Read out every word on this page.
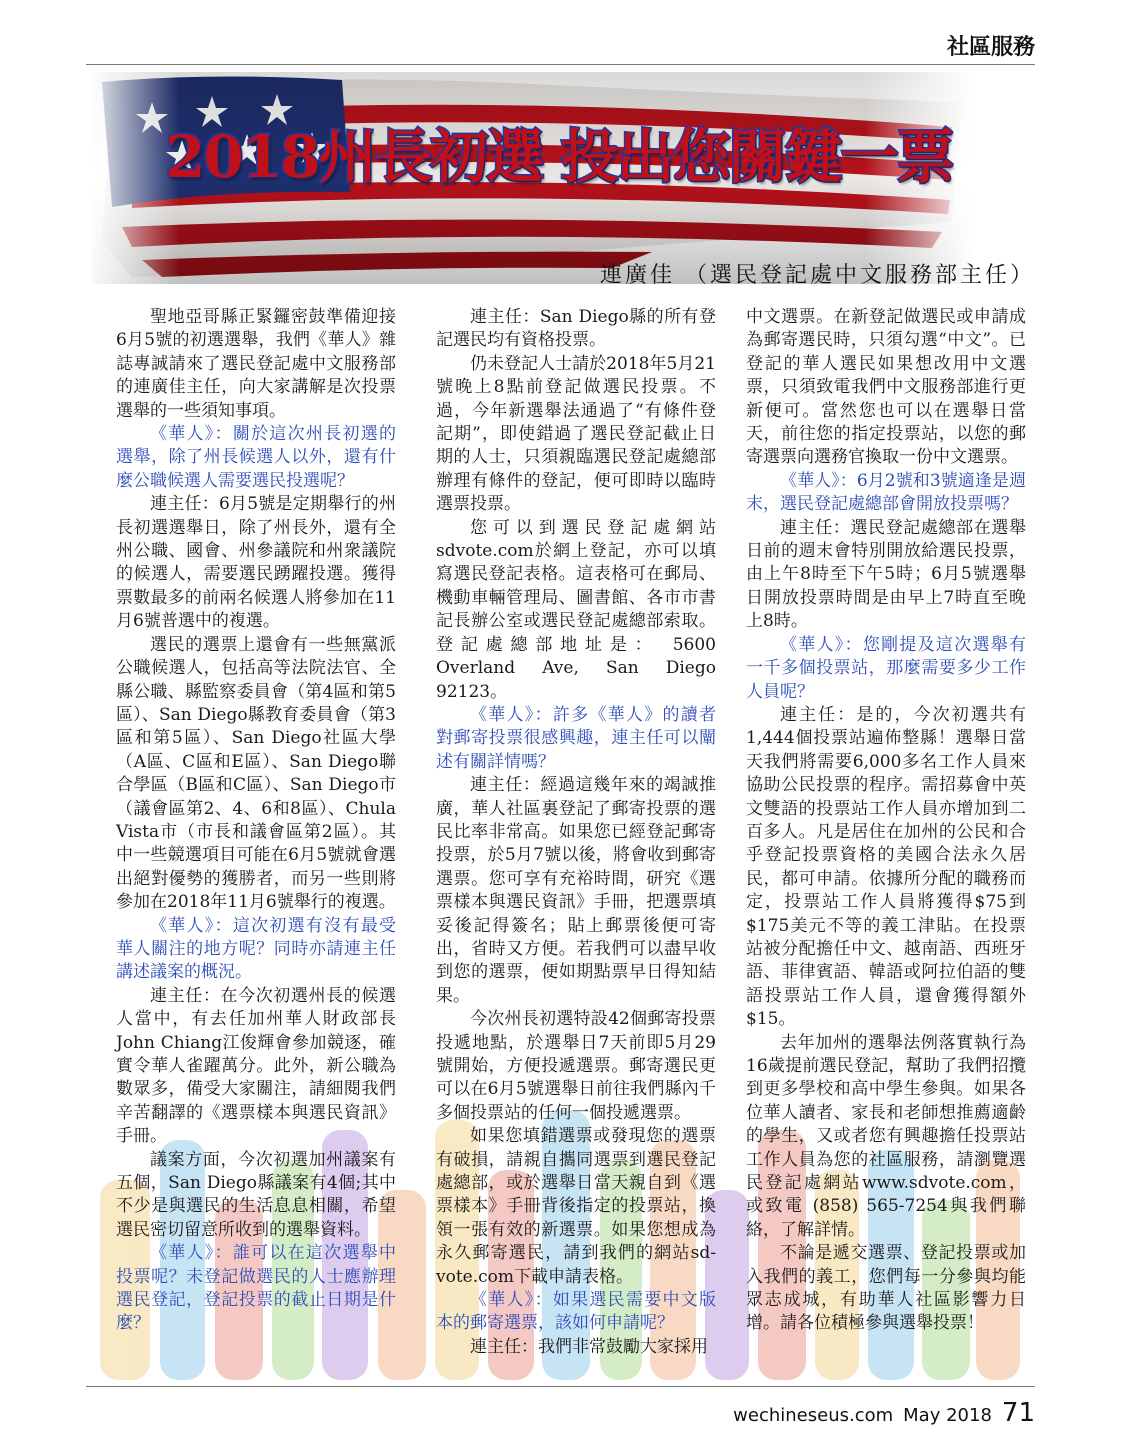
社區服務
2018州長初選 投出您關鍵一票
連廣佳 （選民登記處中文服務部主任）

聖地亞哥縣正緊鑼密鼓準備迎接6月5號的初選選舉，我們《華人》雜誌專誠請來了選民登記處中文服務部的連廣佳主任，向大家講解是次投票選舉的一些須知事項。

《華人》：關於這次州長初選的選舉，除了州長候選人以外，還有什麼公職候選人需要選民投選呢？

連主任：6月5號是定期舉行的州長初選選舉日，除了州長外，還有全州公職、國會、州參議院和州衆議院的候選人，需要選民踴躍投選。獲得票數最多的前兩名候選人將參加在11月6號普選中的複選。

選民的選票上還會有一些無黨派公職候選人，包括高等法院法官、全縣公職、縣監察委員會（第4區和第5區）、San Diego縣教育委員會（第3區和第5區）、San Diego社區大學（A區、C區和E區）、San Diego聯合學區（B區和C區）、San Diego市（議會區第2、4、6和8區）、Chula Vista市（市長和議會區第2區）。其中一些競選項目可能在6月5號就會選出絕對優勢的獲勝者，而另一些則將參加在2018年11月6號舉行的複選。

《華人》：這次初選有沒有最受華人關注的地方呢？同時亦請連主任講述議案的概況。

連主任：在今次初選州長的候選人當中，有去任加州華人財政部長John Chiang江俊輝會參加競逐，確實令華人雀躍萬分。此外，新公職為數眾多，備受大家關注，請細閱我們辛苦翻譯的《選票樣本與選民資訊》手冊。

議案方面，今次初選加州議案有五個，San Diego縣議案有4個;其中不少是與選民的生活息息相關，希望選民密切留意所收到的選舉資料。

《華人》：誰可以在這次選舉中投票呢？未登記做選民的人士應辦理選民登記，登記投票的截止日期是什麼？

連主任：San Diego縣的所有登記選民均有資格投票。

仍未登記人士請於2018年5月21號晚上8點前登記做選民投票。不過，今年新選舉法通過了“有條件登記期”，即使錯過了選民登記截止日期的人士，只須親臨選民登記處總部辦理有條件的登記，便可即時以臨時選票投票。

您可以到選民登記處網站sdvote.com於網上登記，亦可以填寫選民登記表格。這表格可在郵局、機動車輛管理局、圖書館、各市市書記長辦公室或選民登記處總部索取。登記處總部地址是： 5600 Overland Ave, San Diego 92123。

《華人》：許多《華人》的讀者對郵寄投票很感興趣，連主任可以闡述有關詳情嗎？

連主任：經過這幾年來的竭誠推廣，華人社區裏登記了郵寄投票的選民比率非常高。如果您已經登記郵寄投票，於5月7號以後，將會收到郵寄選票。您可享有充裕時間，研究《選票樣本與選民資訊》手冊，把選票填妥後記得簽名；貼上郵票後便可寄出，省時又方便。若我們可以盡早收到您的選票，便如期點票早日得知結果。

今次州長初選特設42個郵寄投票投遞地點，於選舉日7天前即5月29號開始，方便投遞選票。郵寄選民更可以在6月5號選舉日前往我們縣內千多個投票站的任何一個投遞選票。

如果您填錯選票或發現您的選票有破損，請親自攜同選票到選民登記處總部，或於選舉日當天親自到《選票樣本》手冊背後指定的投票站，換領一張有效的新選票。如果您想成為永久郵寄選民，請到我們的網站sd-vote.com下載申請表格。

《華人》：如果選民需要中文版本的郵寄選票，該如何申請呢？

連主任：我們非常鼓勵大家採用

中文選票。在新登記做選民或申請成為郵寄選民時，只須勾選“中文”。已登記的華人選民如果想改用中文選票，只須致電我們中文服務部進行更新便可。當然您也可以在選舉日當天，前往您的指定投票站，以您的郵寄選票向選務官換取一份中文選票。

《華人》：6月2號和3號適逢是週末，選民登記處總部會開放投票嗎？

連主任：選民登記處總部在選舉日前的週末會特別開放給選民投票，由上午8時至下午5時；6月5號選舉日開放投票時間是由早上7時直至晚上8時。

《華人》：您剛提及這次選舉有一千多個投票站，那麼需要多少工作人員呢？

連主任：是的，今次初選共有1,444個投票站遍佈整縣！選舉日當天我們將需要6,000多名工作人員來協助公民投票的程序。需招募會中英文雙語的投票站工作人員亦增加到二百多人。凡是居住在加州的公民和合乎登記投票資格的美國合法永久居民，都可申請。依據所分配的職務而定，投票站工作人員將獲得$75到$175美元不等的義工津貼。在投票站被分配擔任中文、越南語、西班牙語、菲律賓語、韓語或阿拉伯語的雙語投票站工作人員，還會獲得額外$15。

去年加州的選舉法例落實執行為16歲提前選民登記，幫助了我們招攬到更多學校和高中學生參與。如果各位華人讀者、家長和老師想推薦適齡的學生，又或者您有興趣擔任投票站工作人員為您的社區服務，請瀏覽選民登記處網站www.sdvote.com，或致電 (858) 565-7254與我們聯絡，了解詳情。

不論是遞交選票、登記投票或加入我們的義工，您們每一分參與均能眾志成城，有助華人社區影響力日增。請各位積極參與選舉投票！

wechineseus.com May 2018 71
